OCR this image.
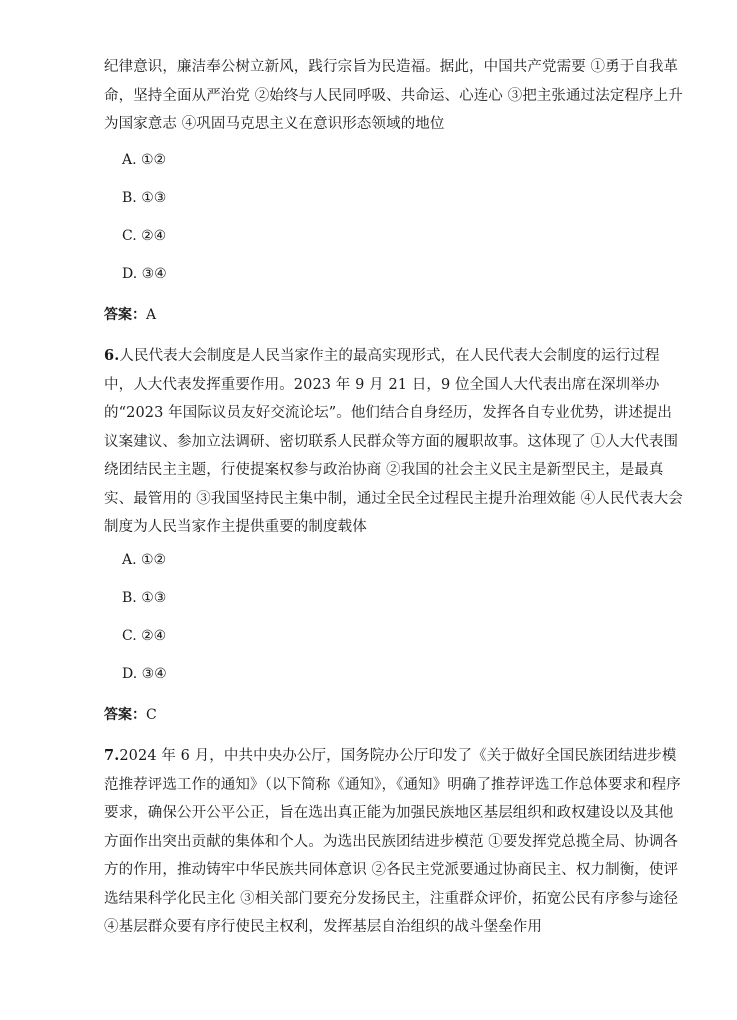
纪律意识，廉洁奉公树立新风，践行宗旨为民造福。据此，中国共产党需要 ①勇于自我革命，坚持全面从严治党 ②始终与人民同呼吸、共命运、心连心 ③把主张通过法定程序上升为国家意志 ④巩固马克思主义在意识形态领域的地位

A. ①②

B. ①③

C. ②④

D. ③④

答案：A

6.人民代表大会制度是人民当家作主的最高实现形式，在人民代表大会制度的运行过程中，人大代表发挥重要作用。2023 年 9 月 21 日，9 位全国人大代表出席在深圳举办的“2023 年国际议员友好交流论坛”。他们结合自身经历，发挥各自专业优势，讲述提出议案建议、参加立法调研、密切联系人民群众等方面的履职故事。这体现了 ①人大代表围绕团结民主主题，行使提案权参与政治协商 ②我国的社会主义民主是新型民主，是最真实、最管用的 ③我国坚持民主集中制，通过全民全过程民主提升治理效能 ④人民代表大会制度为人民当家作主提供重要的制度载体

A. ①②

B. ①③

C. ②④

D. ③④

答案：C

7.2024 年 6 月，中共中央办公厅，国务院办公厅印发了《关于做好全国民族团结进步模范推荐评选工作的通知》（以下简称《通知》，《通知》明确了推荐评选工作总体要求和程序要求，确保公开公平公正，旨在选出真正能为加强民族地区基层组织和政权建设以及其他方面作出突出贡献的集体和个人。为选出民族团结进步模范 ①要发挥党总揽全局、协调各方的作用，推动铸牢中华民族共同体意识 ②各民主党派要通过协商民主、权力制衡，使评选结果科学化民主化 ③相关部门要充分发扬民主，注重群众评价，拓宽公民有序参与途径 ④基层群众要有序行使民主权利，发挥基层自治组织的战斗堡垒作用
